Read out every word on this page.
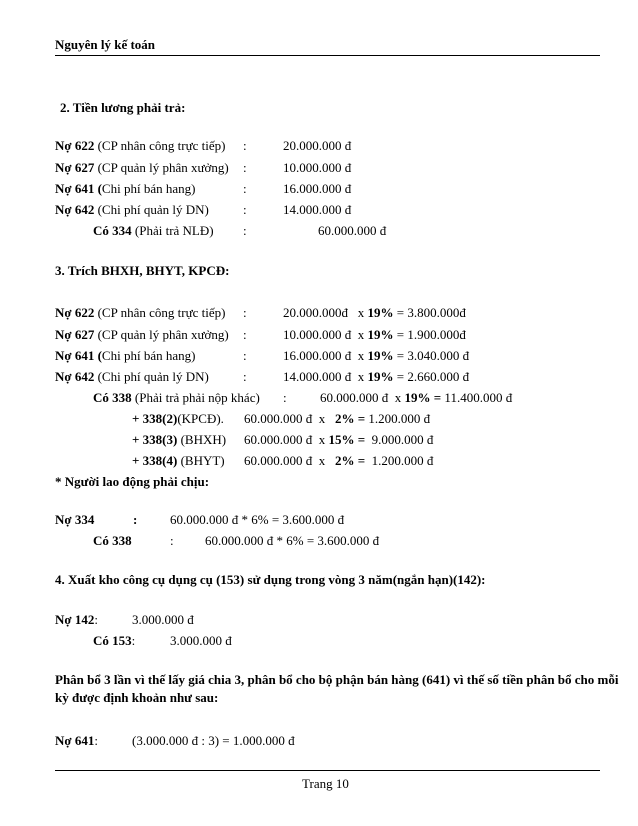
Nguyên lý kế toán
2. Tiền lương phải trả:
Nợ 622 (CP nhân công trực tiếp) :	20.000.000 đ
Nợ 627 (CP quản lý phân xưởng) :	10.000.000 đ
Nợ 641 (Chi phí bán hang)	:	16.000.000 đ
Nợ 642 (Chi phí quản lý DN)	:	14.000.000 đ
Có 334 (Phải trả NLĐ) :	60.000.000 đ
3. Trích BHXH, BHYT, KPCĐ:
Nợ 622 (CP nhân công trực tiếp) :	20.000.000đ   x 19% = 3.800.000đ
Nợ 627 (CP quản lý phân xưởng) :	10.000.000 đ  x 19% = 1.900.000đ
Nợ 641 (Chi phí bán hang)	:	16.000.000 đ  x 19% = 3.040.000 đ
Nợ 642 (Chi phí quản lý DN)	:	14.000.000 đ  x 19% = 2.660.000 đ
Có 338 (Phải trả phải nộp khác) :	60.000.000 đ  x 19% = 11.400.000 đ
+ 338(2)(KPCĐ). 60.000.000 đ  x   2% = 1.200.000 đ
+ 338(3) (BHXH) 60.000.000 đ  x 15% =  9.000.000 đ
+ 338(4) (BHYT) 60.000.000 đ  x   2% =  1.200.000 đ
* Người lao động phải chịu:
Nợ 334	:	60.000.000 đ * 6% = 3.600.000 đ
Có 338	: 60.000.000 đ * 6% = 3.600.000 đ
4. Xuất kho công cụ dụng cụ (153) sử dụng trong vòng 3 năm(ngắn hạn)(142):
Nợ 142:	3.000.000 đ
Có 153:	3.000.000 đ
Phân bổ 3 lần vì thế lấy giá chia 3, phân bổ cho bộ phận bán hàng (641) vì thế số tiền phân bổ cho mỗi
kỳ được định khoản như sau:
Nợ 641:	(3.000.000 đ : 3) = 1.000.000 đ
Trang 10
